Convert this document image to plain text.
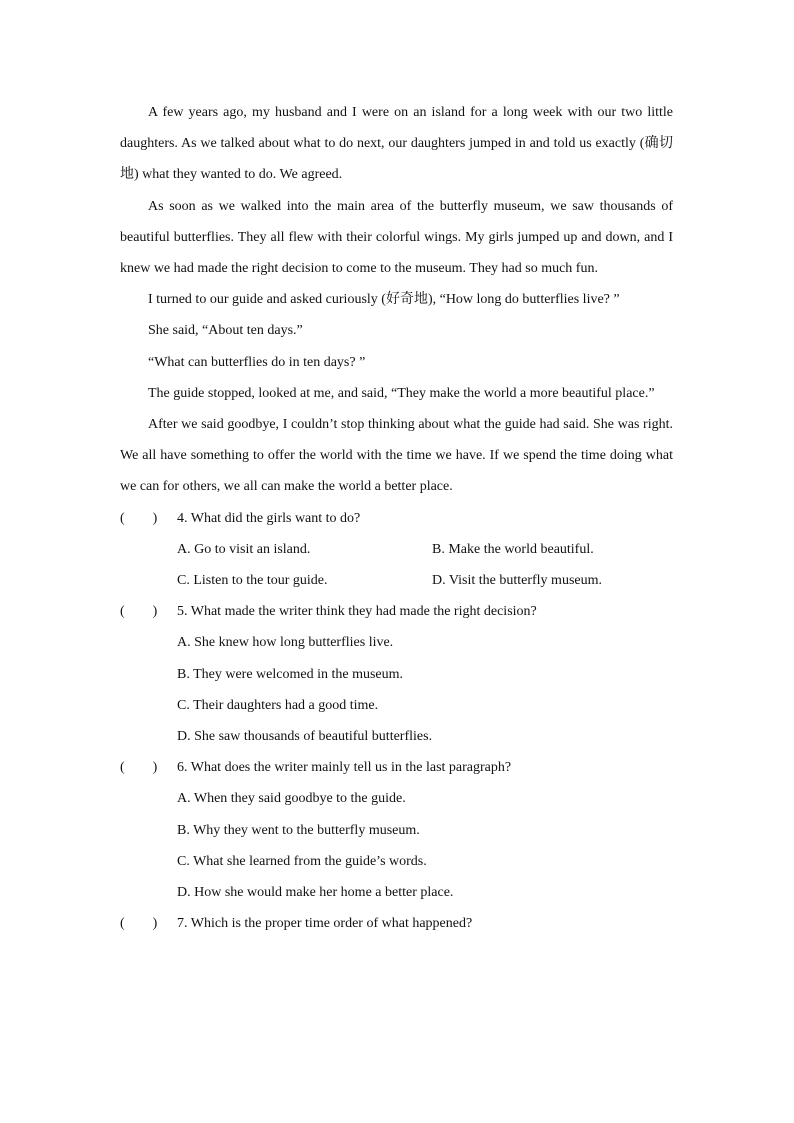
A few years ago, my husband and I were on an island for a long week with our two little daughters. As we talked about what to do next, our daughters jumped in and told us exactly (确切地) what they wanted to do. We agreed.

As soon as we walked into the main area of the butterfly museum, we saw thousands of beautiful butterflies. They all flew with their colorful wings. My girls jumped up and down, and I knew we had made the right decision to come to the museum. They had so much fun.

I turned to our guide and asked curiously (好奇地), “How long do butterflies live? ”

She said, “About ten days.”

“What can butterflies do in ten days? ”

The guide stopped, looked at me, and said, “They make the world a more beautiful place.”

After we said goodbye, I couldn’t stop thinking about what the guide had said. She was right. We all have something to offer the world with the time we have. If we spend the time doing what we can for others, we all can make the world a better place.

(        )	4. What did the girls want to do?
A. Go to visit an island.	B. Make the world beautiful.
C. Listen to the tour guide.	D. Visit the butterfly museum.
(        )	5. What made the writer think they had made the right decision?
A. She knew how long butterflies live.
B. They were welcomed in the museum.
C. Their daughters had a good time.
D. She saw thousands of beautiful butterflies.
(        )	6. What does the writer mainly tell us in the last paragraph?
A. When they said goodbye to the guide.
B. Why they went to the butterfly museum.
C. What she learned from the guide’s words.
D. How she would make her home a better place.
(        )	7. Which is the proper time order of what happened?
